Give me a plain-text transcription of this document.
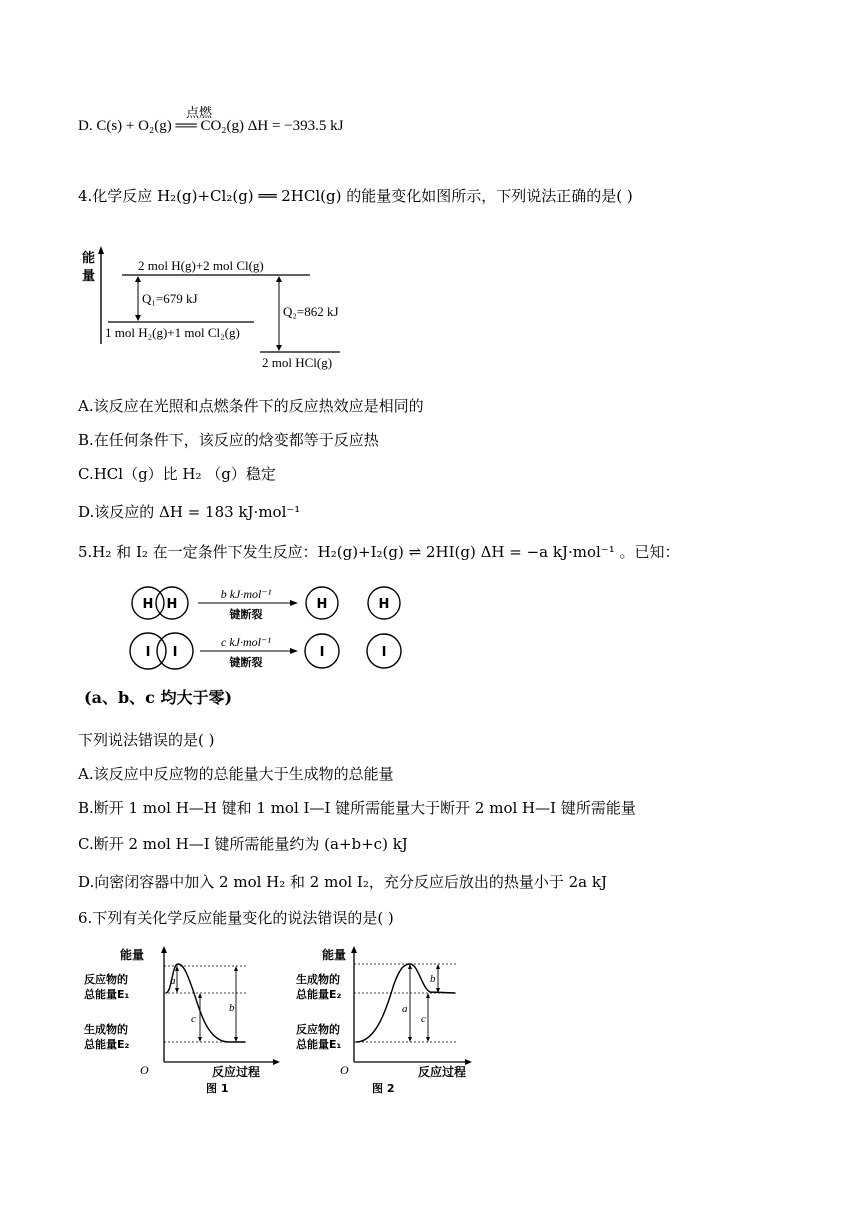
D. C(s) + O₂(g) ══ CO₂(g) ΔH = −393.5 kJ
点燃
4.化学反应 H₂(g)+Cl₂(g) ══ 2HCl(g) 的能量变化如图所示，下列说法正确的是( )
能
量
2 mol H(g)+2 mol Cl(g)
1 mol H₂(g)+1 mol Cl₂(g)
2 mol HCl(g)
Q₁=679 kJ
Q₂=862 kJ
A.该反应在光照和点燃条件下的反应热效应是相同的
B.在任何条件下，该反应的焓变都等于反应热
C.HCl（g）比 H₂ （g）稳定
D.该反应的 ΔH = 183 kJ·mol⁻¹
5.H₂ 和 I₂ 在一定条件下发生反应：H₂(g)+I₂(g) ⇌ 2HI(g) ΔH = −a kJ·mol⁻¹ 。已知：
H H
b kJ·mol⁻¹
键断裂
H	H
I I
c kJ·mol⁻¹
键断裂
I	I
(a、b、c 均大于零)
下列说法错误的是( )
A.该反应中反应物的总能量大于生成物的总能量
B.断开 1 mol H—H 键和 1 mol I—I 键所需能量大于断开 2 mol H—I 键所需能量
C.断开 2 mol H—I 键所需能量约为 (a+b+c) kJ
D.向密闭容器中加入 2 mol H₂ 和 2 mol I₂，充分反应后放出的热量小于 2a kJ
6.下列有关化学反应能量变化的说法错误的是( )
能量
反应物的
总能量E₁
生成物的
总能量E₂
a
c
b
O	反应过程
图 1
能量
生成物的
总能量E₂
反应物的
总能量E₁
b
a
c
O	反应过程
图 2
